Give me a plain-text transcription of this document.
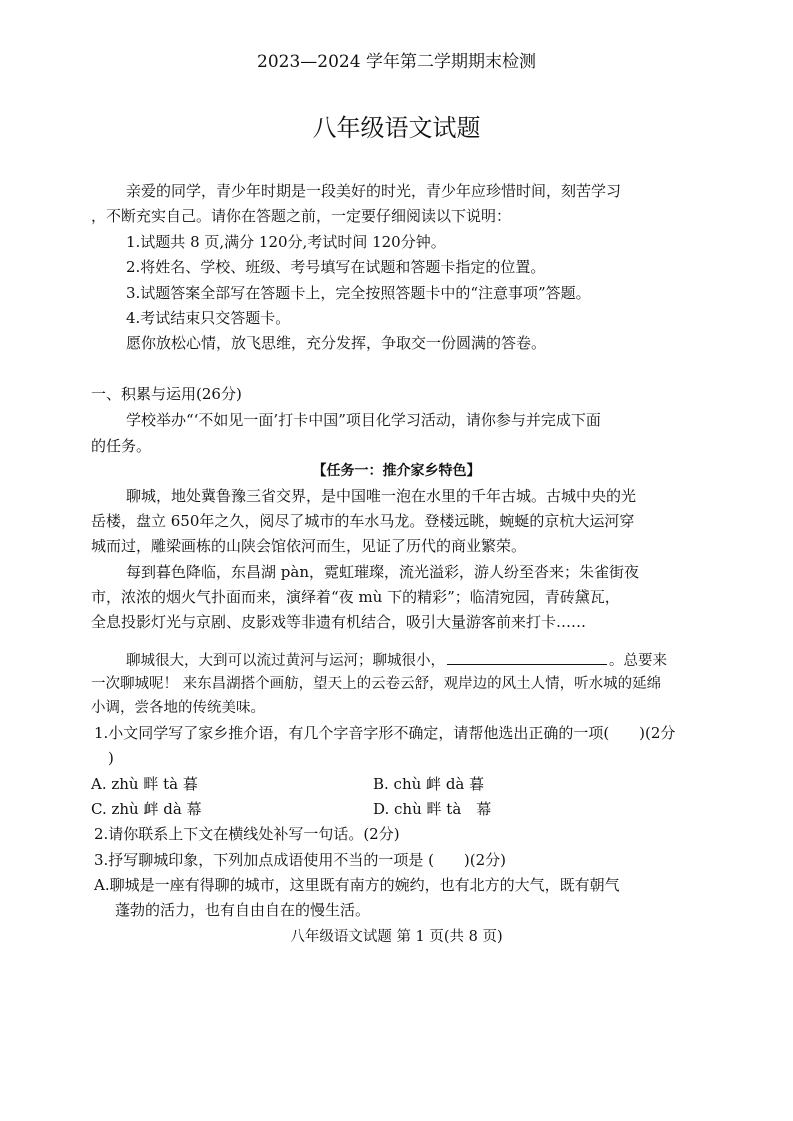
2023—2024 学年第二学期期末检测
八年级语文试题
亲爱的同学，青少年时期是一段美好的时光，青少年应珍惜时间，刻苦学习
，不断充实自己。请你在答题之前，一定要仔细阅读以下说明：
1.试题共 8 页,满分 120分,考试时间 120分钟。
2.将姓名、学校、班级、考号填写在试题和答题卡指定的位置。
3.试题答案全部写在答题卡上，完全按照答题卡中的“注意事项”答题。
4.考试结束只交答题卡。
愿你放松心情，放飞思维，充分发挥，争取交一份圆满的答卷。
一、积累与运用(26分)
学校举办“‘不如见一面’打卡中国”项目化学习活动，请你参与并完成下面
的任务。
【任务一：推介家乡特色】
聊城，地处冀鲁豫三省交界，是中国唯一泡在水里的千年古城。古城中央的光
岳楼，盘立 650年之久，阅尽了城市的车水马龙。登楼远眺，蜿蜒的京杭大运河穿
城而过，雕梁画栋的山陕会馆依河而生，见证了历代的商业繁荣。
每到暮色降临，东昌湖 pàn，霓虹璀璨，流光溢彩，游人纷至沓来；朱雀街夜
市，浓浓的烟火气扑面而来，演绎着“夜 mù 下的精彩”；临清宛园，青砖黛瓦，
全息投影灯光与京剧、皮影戏等非遗有机结合，吸引大量游客前来打卡……
聊城很大，大到可以流过黄河与运河；聊城很小，	。总要来
一次聊城呢！ 来东昌湖搭个画舫，望天上的云卷云舒，观岸边的风土人情，听水城的延绵
小调，尝各地的传统美味。
1.小文同学写了家乡推介语，有几个字音字形不确定，请帮他选出正确的一项(　　)(2分
)
A. zhù 畔 tà 暮	B. chù 衅 dà 暮
C. zhù 衅 dà 幕	D. chù 畔 tà　幕
2.请你联系上下文在横线处补写一句话。(2分)
3.抒写聊城印象，下列加点成语使用不当的一项是 (　　)(2分)
A.聊城是一座有得聊的城市，这里既有南方的婉约，也有北方的大气，既有朝气
蓬勃的活力，也有自由自在的慢生活。
八年级语文试题 第 1 页(共 8 页)
